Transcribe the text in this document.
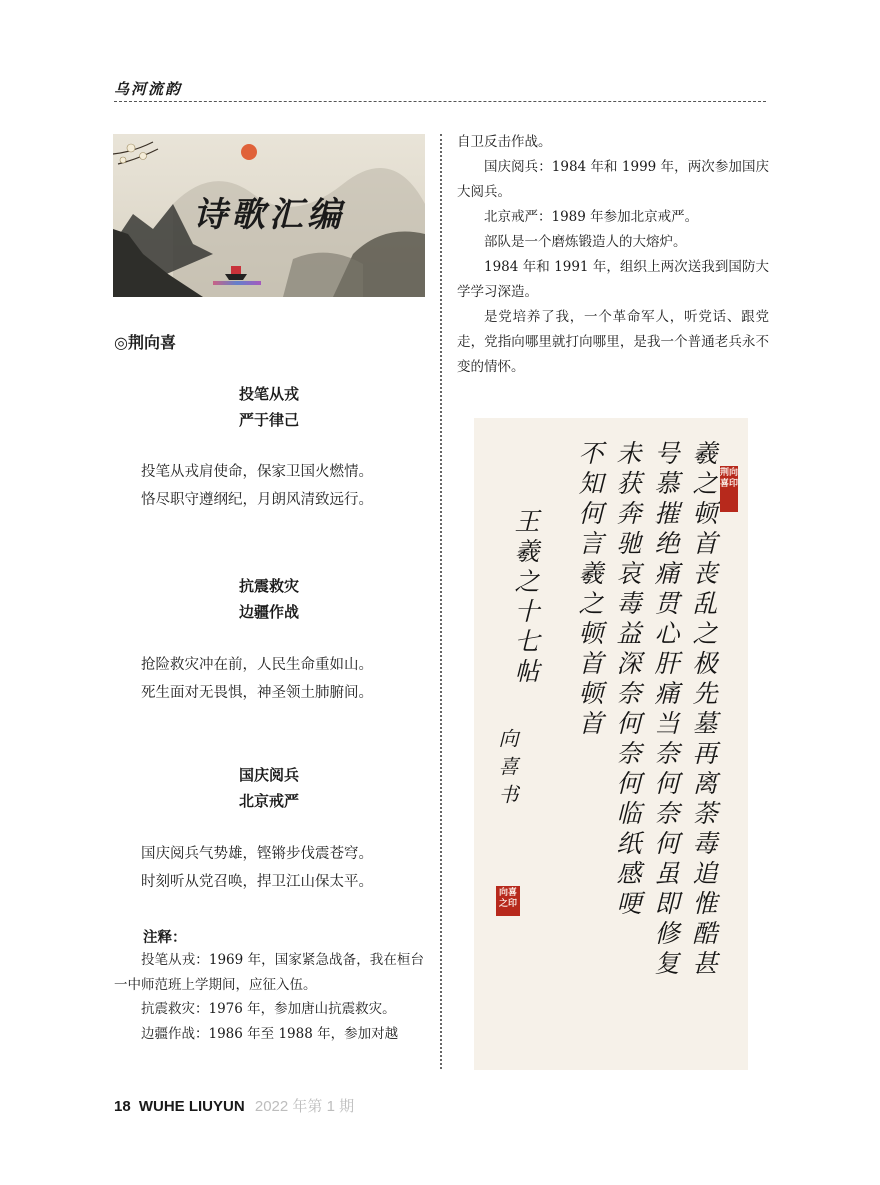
乌河流韵
诗歌汇编
◎荆向喜
投笔从戎
严于律己
投笔从戎肩使命，保家卫国火燃情。
恪尽职守遵纲纪，月朗风清致远行。
抗震救灾
边疆作战
抢险救灾冲在前，人民生命重如山。
死生面对无畏惧，神圣领土肺腑间。
国庆阅兵
北京戒严
国庆阅兵气势雄，铿锵步伐震苍穹。
时刻听从党召唤，捍卫江山保太平。
注释：

投笔从戎：1969 年，国家紧急战备，我在桓台一中师范班上学期间，应征入伍。

抗震救灾：1976 年，参加唐山抗震救灾。

边疆作战：1986 年至 1988 年，参加对越

自卫反击作战。

国庆阅兵：1984 年和 1999 年，两次参加国庆大阅兵。

北京戒严：1989 年参加北京戒严。

部队是一个磨炼锻造人的大熔炉。

1984 年和 1991 年，组织上两次送我到国防大学学习深造。

是党培养了我，一个革命军人，听党话、跟党走，党指向哪里就打向哪里，是我一个普通老兵永不变的情怀。

羲之顿首丧乱之极先墓再离荼毒追惟酷甚
号慕摧绝痛贯心肝痛当奈何奈何虽即修复
未获奔驰哀毒益深奈何奈何临纸感哽
不知何言羲之顿首顿首
王羲之十七帖
向喜书
荆向喜印
向喜之印
18 WUHE LIUYUN 2022 年第 1 期
